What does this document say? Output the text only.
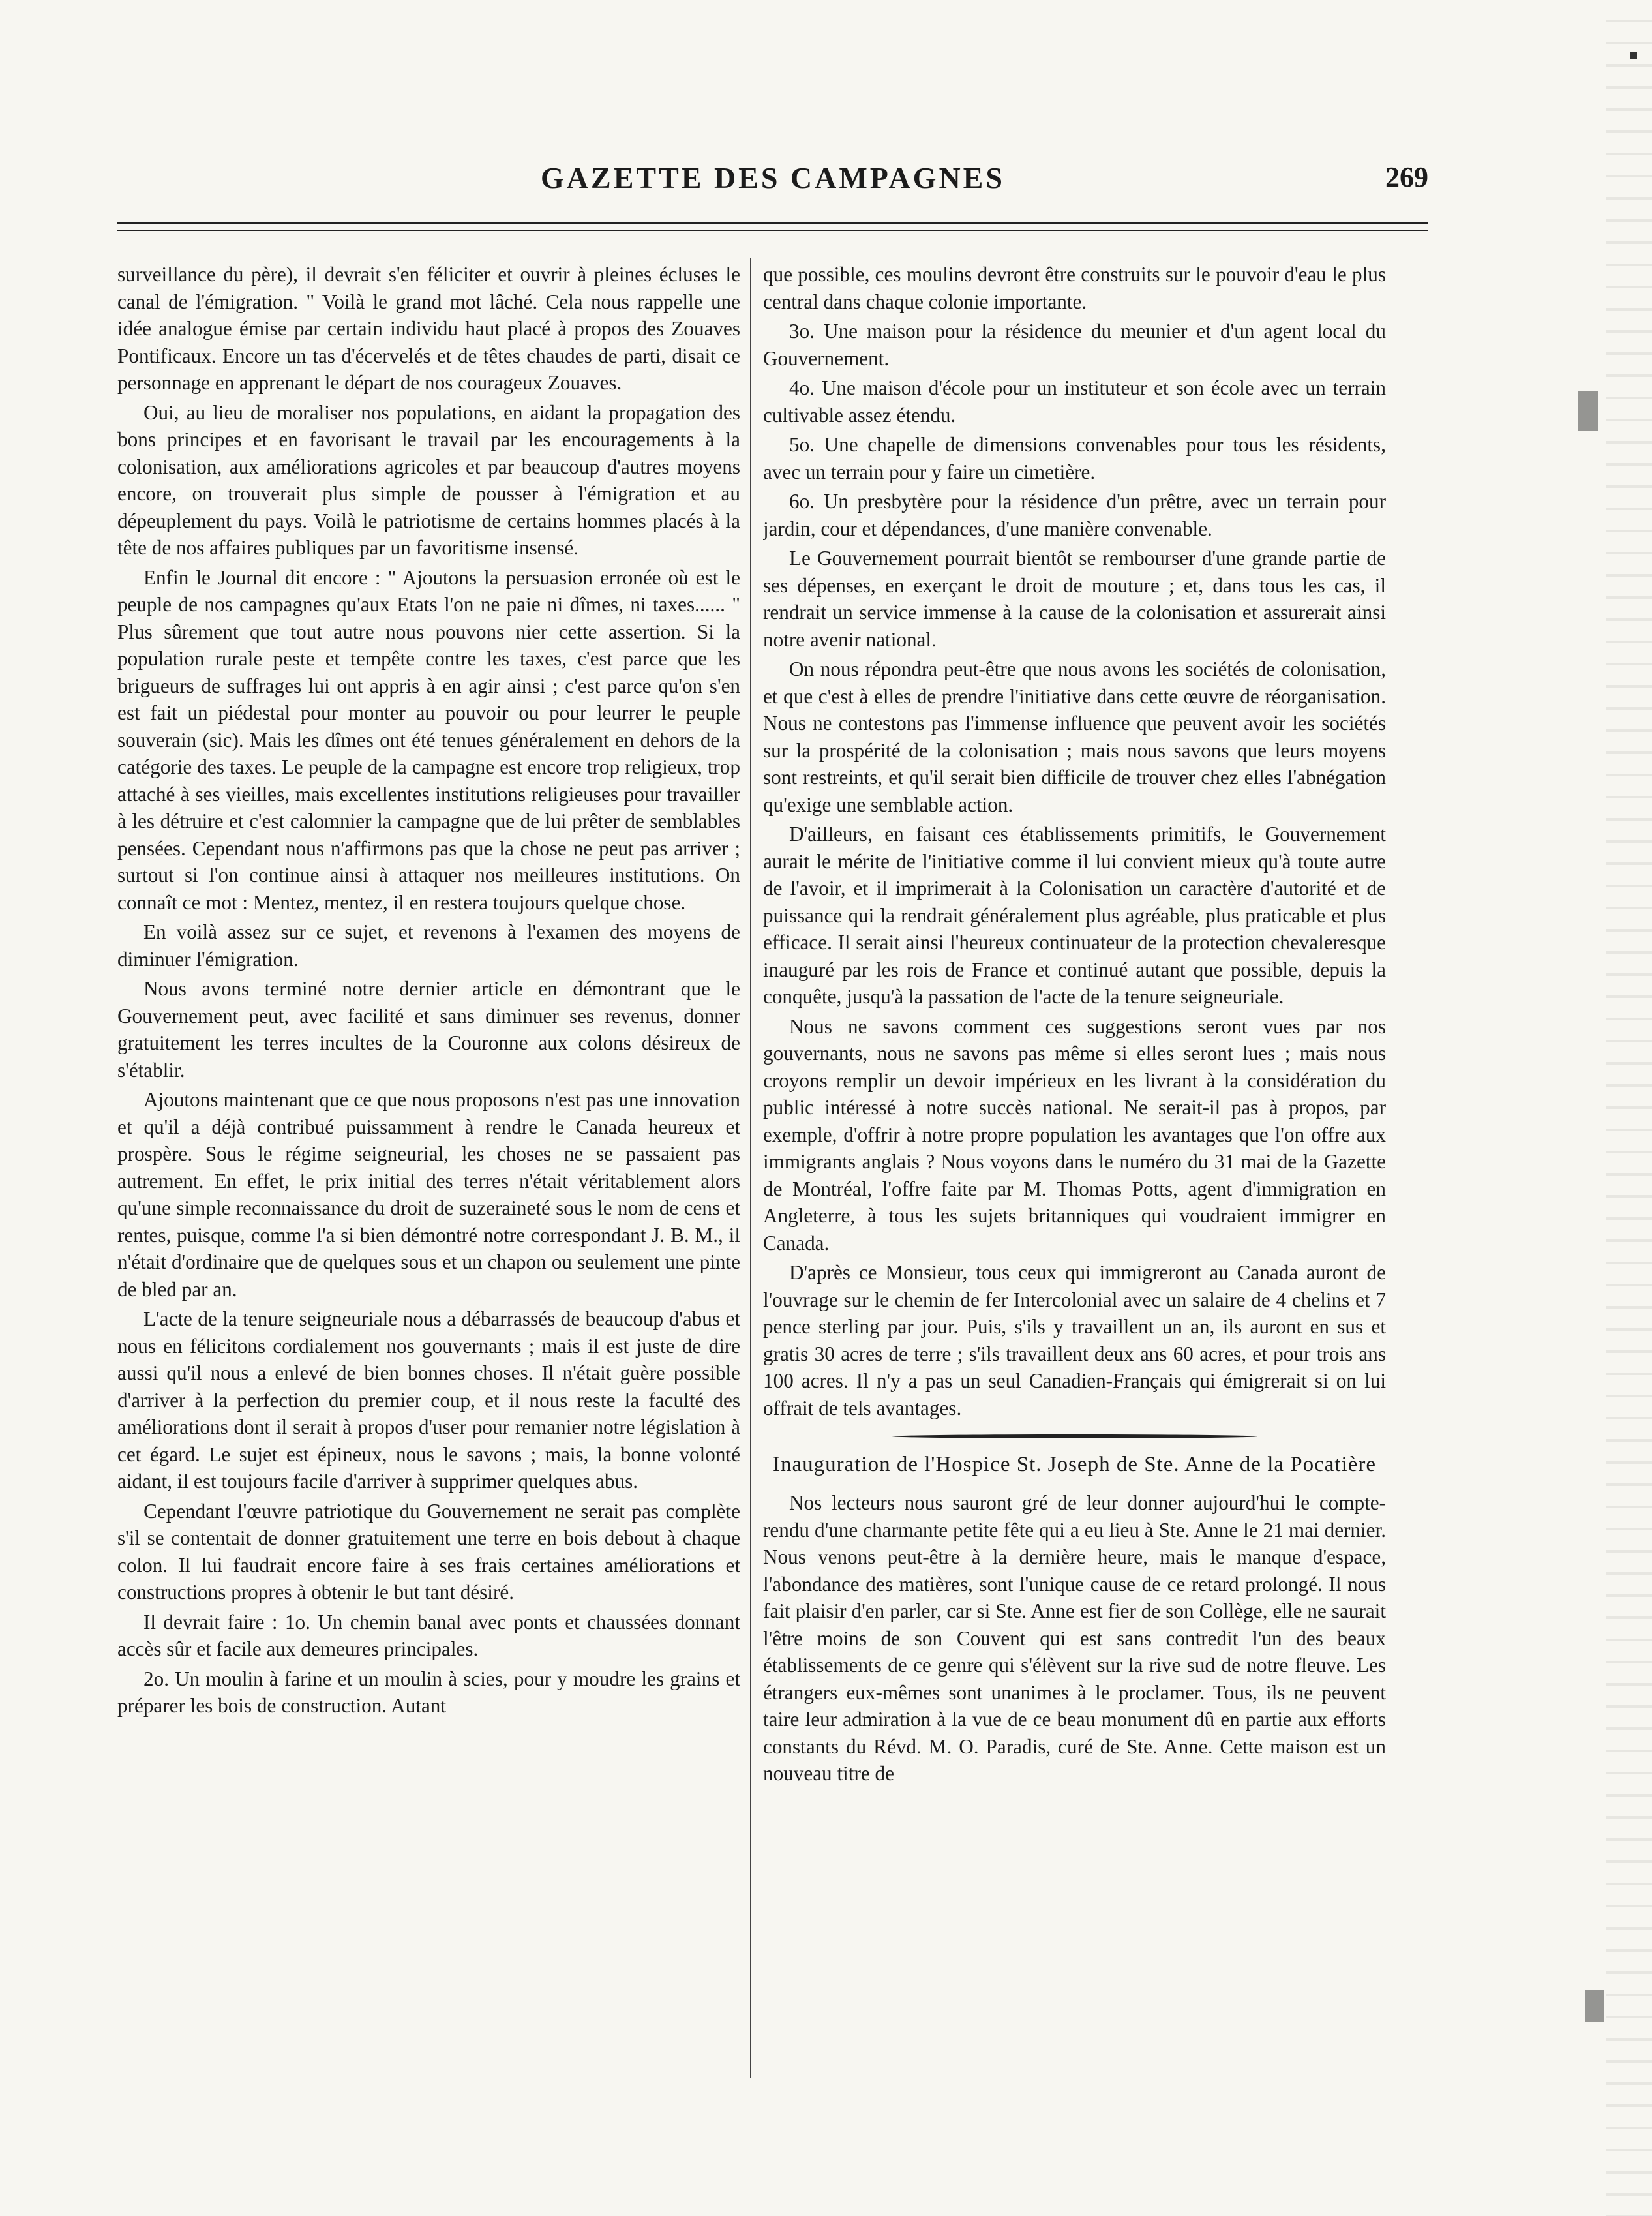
GAZETTE DES CAMPAGNES	269

surveillance du père), il devrait s'en féliciter et ouvrir à pleines écluses le canal de l'émigration. " Voilà le grand mot lâché. Cela nous rappelle une idée analogue émise par certain individu haut placé à propos des Zouaves Pontificaux. Encore un tas d'écervelés et de têtes chaudes de parti, disait ce personnage en apprenant le départ de nos courageux Zouaves.

Oui, au lieu de moraliser nos populations, en aidant la propagation des bons principes et en favorisant le travail par les encouragements à la colonisation, aux améliorations agricoles et par beaucoup d'autres moyens encore, on trouverait plus simple de pousser à l'émigration et au dépeuplement du pays. Voilà le patriotisme de certains hommes placés à la tête de nos affaires publiques par un favoritisme insensé.

Enfin le Journal dit encore : " Ajoutons la persuasion erronée où est le peuple de nos campagnes qu'aux Etats l'on ne paie ni dîmes, ni taxes...... " Plus sûrement que tout autre nous pouvons nier cette assertion. Si la population rurale peste et tempête contre les taxes, c'est parce que les brigueurs de suffrages lui ont appris à en agir ainsi ; c'est parce qu'on s'en est fait un piédestal pour monter au pouvoir ou pour leurrer le peuple souverain (sic). Mais les dîmes ont été tenues généralement en dehors de la catégorie des taxes. Le peuple de la campagne est encore trop religieux, trop attaché à ses vieilles, mais excellentes institutions religieuses pour travailler à les détruire et c'est calomnier la campagne que de lui prêter de semblables pensées. Cependant nous n'affirmons pas que la chose ne peut pas arriver ; surtout si l'on continue ainsi à attaquer nos meilleures institutions. On connaît ce mot : Mentez, mentez, il en restera toujours quelque chose.

En voilà assez sur ce sujet, et revenons à l'examen des moyens de diminuer l'émigration.

Nous avons terminé notre dernier article en démontrant que le Gouvernement peut, avec facilité et sans diminuer ses revenus, donner gratuitement les terres incultes de la Couronne aux colons désireux de s'établir.

Ajoutons maintenant que ce que nous proposons n'est pas une innovation et qu'il a déjà contribué puissamment à rendre le Canada heureux et prospère. Sous le régime seigneurial, les choses ne se passaient pas autrement. En effet, le prix initial des terres n'était véritablement alors qu'une simple reconnaissance du droit de suzeraineté sous le nom de cens et rentes, puisque, comme l'a si bien démontré notre correspondant J. B. M., il n'était d'ordinaire que de quelques sous et un chapon ou seulement une pinte de bled par an.

L'acte de la tenure seigneuriale nous a débarrassés de beaucoup d'abus et nous en félicitons cordialement nos gouvernants ; mais il est juste de dire aussi qu'il nous a enlevé de bien bonnes choses. Il n'était guère possible d'arriver à la perfection du premier coup, et il nous reste la faculté des améliorations dont il serait à propos d'user pour remanier notre législation à cet égard. Le sujet est épineux, nous le savons ; mais, la bonne volonté aidant, il est toujours facile d'arriver à supprimer quelques abus.

Cependant l'œuvre patriotique du Gouvernement ne serait pas complète s'il se contentait de donner gratuitement une terre en bois debout à chaque colon. Il lui faudrait encore faire à ses frais certaines améliorations et constructions propres à obtenir le but tant désiré.

Il devrait faire : 1o. Un chemin banal avec ponts et chaussées donnant accès sûr et facile aux demeures principales.

2o. Un moulin à farine et un moulin à scies, pour y moudre les grains et préparer les bois de construction. Autant

que possible, ces moulins devront être construits sur le pouvoir d'eau le plus central dans chaque colonie importante.

3o. Une maison pour la résidence du meunier et d'un agent local du Gouvernement.

4o. Une maison d'école pour un instituteur et son école avec un terrain cultivable assez étendu.

5o. Une chapelle de dimensions convenables pour tous les résidents, avec un terrain pour y faire un cimetière.

6o. Un presbytère pour la résidence d'un prêtre, avec un terrain pour jardin, cour et dépendances, d'une manière convenable.

Le Gouvernement pourrait bientôt se rembourser d'une grande partie de ses dépenses, en exerçant le droit de mouture ; et, dans tous les cas, il rendrait un service immense à la cause de la colonisation et assurerait ainsi notre avenir national.

On nous répondra peut-être que nous avons les sociétés de colonisation, et que c'est à elles de prendre l'initiative dans cette œuvre de réorganisation. Nous ne contestons pas l'immense influence que peuvent avoir les sociétés sur la prospérité de la colonisation ; mais nous savons que leurs moyens sont restreints, et qu'il serait bien difficile de trouver chez elles l'abnégation qu'exige une semblable action.

D'ailleurs, en faisant ces établissements primitifs, le Gouvernement aurait le mérite de l'initiative comme il lui convient mieux qu'à toute autre de l'avoir, et il imprimerait à la Colonisation un caractère d'autorité et de puissance qui la rendrait généralement plus agréable, plus praticable et plus efficace. Il serait ainsi l'heureux continuateur de la protection chevaleresque inauguré par les rois de France et continué autant que possible, depuis la conquête, jusqu'à la passation de l'acte de la tenure seigneuriale.

Nous ne savons comment ces suggestions seront vues par nos gouvernants, nous ne savons pas même si elles seront lues ; mais nous croyons remplir un devoir impérieux en les livrant à la considération du public intéressé à notre succès national. Ne serait-il pas à propos, par exemple, d'offrir à notre propre population les avantages que l'on offre aux immigrants anglais ? Nous voyons dans le numéro du 31 mai de la Gazette de Montréal, l'offre faite par M. Thomas Potts, agent d'immigration en Angleterre, à tous les sujets britanniques qui voudraient immigrer en Canada.

D'après ce Monsieur, tous ceux qui immigreront au Canada auront de l'ouvrage sur le chemin de fer Intercolonial avec un salaire de 4 chelins et 7 pence sterling par jour. Puis, s'ils y travaillent un an, ils auront en sus et gratis 30 acres de terre ; s'ils travaillent deux ans 60 acres, et pour trois ans 100 acres. Il n'y a pas un seul Canadien-Français qui émigrerait si on lui offrait de tels avantages.

Inauguration de l'Hospice St. Joseph de Ste. Anne de la Pocatière

Nos lecteurs nous sauront gré de leur donner aujourd'hui le compte-rendu d'une charmante petite fête qui a eu lieu à Ste. Anne le 21 mai dernier. Nous venons peut-être à la dernière heure, mais le manque d'espace, l'abondance des matières, sont l'unique cause de ce retard prolongé. Il nous fait plaisir d'en parler, car si Ste. Anne est fier de son Collège, elle ne saurait l'être moins de son Couvent qui est sans contredit l'un des beaux établissements de ce genre qui s'élèvent sur la rive sud de notre fleuve. Les étrangers eux-mêmes sont unanimes à le proclamer. Tous, ils ne peuvent taire leur admiration à la vue de ce beau monument dû en partie aux efforts constants du Révd. M. O. Paradis, curé de Ste. Anne. Cette maison est un nouveau titre de
